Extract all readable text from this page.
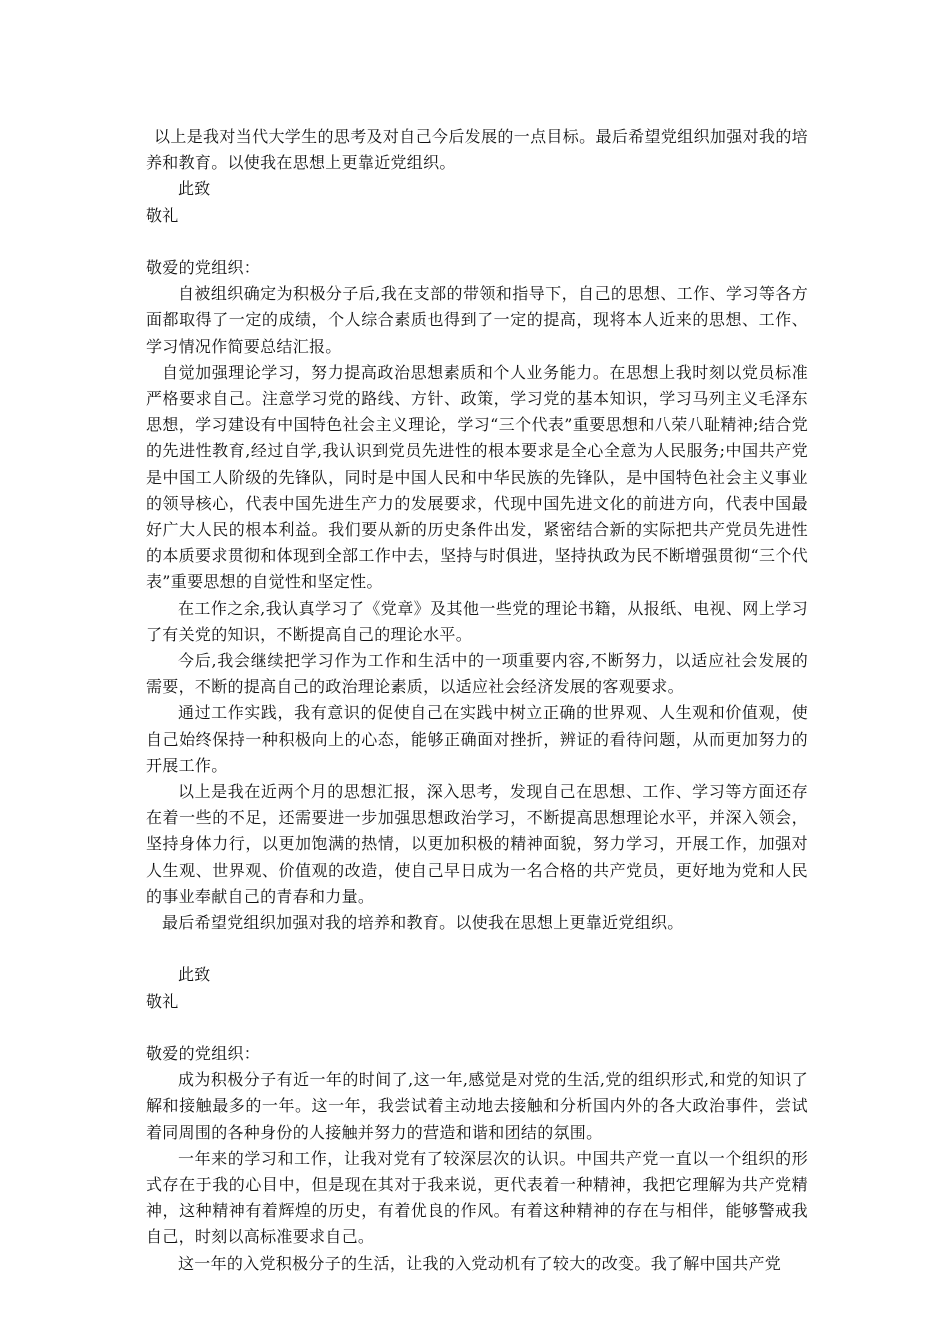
以上是我对当代大学生的思考及对自己今后发展的一点目标。最后希望党组织加强对我的培养和教育。以使我在思想上更靠近党组织。

此致

敬礼

敬爱的党组织：

自被组织确定为积极分子后,我在支部的带领和指导下，自己的思想、工作、学习等各方面都取得了一定的成绩，个人综合素质也得到了一定的提高，现将本人近来的思想、工作、学习情况作简要总结汇报。

自觉加强理论学习，努力提高政治思想素质和个人业务能力。在思想上我时刻以党员标准严格要求自己。注意学习党的路线、方针、政策，学习党的基本知识，学习马列主义毛泽东思想，学习建设有中国特色社会主义理论，学习“三个代表”重要思想和八荣八耻精神;结合党的先进性教育,经过自学,我认识到党员先进性的根本要求是全心全意为人民服务;中国共产党是中国工人阶级的先锋队，同时是中国人民和中华民族的先锋队，是中国特色社会主义事业的领导核心，代表中国先进生产力的发展要求，代现中国先进文化的前进方向，代表中国最好广大人民的根本利益。我们要从新的历史条件出发，紧密结合新的实际把共产党员先进性的本质要求贯彻和体现到全部工作中去，坚持与时俱进，坚持执政为民不断增强贯彻“三个代表”重要思想的自觉性和坚定性。

在工作之余,我认真学习了《党章》及其他一些党的理论书籍，从报纸、电视、网上学习了有关党的知识，不断提高自己的理论水平。

今后,我会继续把学习作为工作和生活中的一项重要内容,不断努力，以适应社会发展的需要，不断的提高自己的政治理论素质，以适应社会经济发展的客观要求。

通过工作实践，我有意识的促使自己在实践中树立正确的世界观、人生观和价值观，使自己始终保持一种积极向上的心态，能够正确面对挫折，辨证的看待问题，从而更加努力的开展工作。

以上是我在近两个月的思想汇报，深入思考，发现自己在思想、工作、学习等方面还存在着一些的不足，还需要进一步加强思想政治学习，不断提高思想理论水平，并深入领会，坚持身体力行，以更加饱满的热情，以更加积极的精神面貌，努力学习，开展工作，加强对人生观、世界观、价值观的改造，使自己早日成为一名合格的共产党员，更好地为党和人民的事业奉献自己的青春和力量。

最后希望党组织加强对我的培养和教育。以使我在思想上更靠近党组织。

此致

敬礼

敬爱的党组织：

成为积极分子有近一年的时间了,这一年,感觉是对党的生活,党的组织形式,和党的知识了解和接触最多的一年。这一年，我尝试着主动地去接触和分析国内外的各大政治事件，尝试着同周围的各种身份的人接触并努力的营造和谐和团结的氛围。

一年来的学习和工作，让我对党有了较深层次的认识。中国共产党一直以一个组织的形式存在于我的心目中，但是现在其对于我来说，更代表着一种精神，我把它理解为共产党精神，这种精神有着辉煌的历史，有着优良的作风。有着这种精神的存在与相伴，能够警戒我自己，时刻以高标准要求自己。

这一年的入党积极分子的生活，让我的入党动机有了较大的改变。我了解中国共产党
